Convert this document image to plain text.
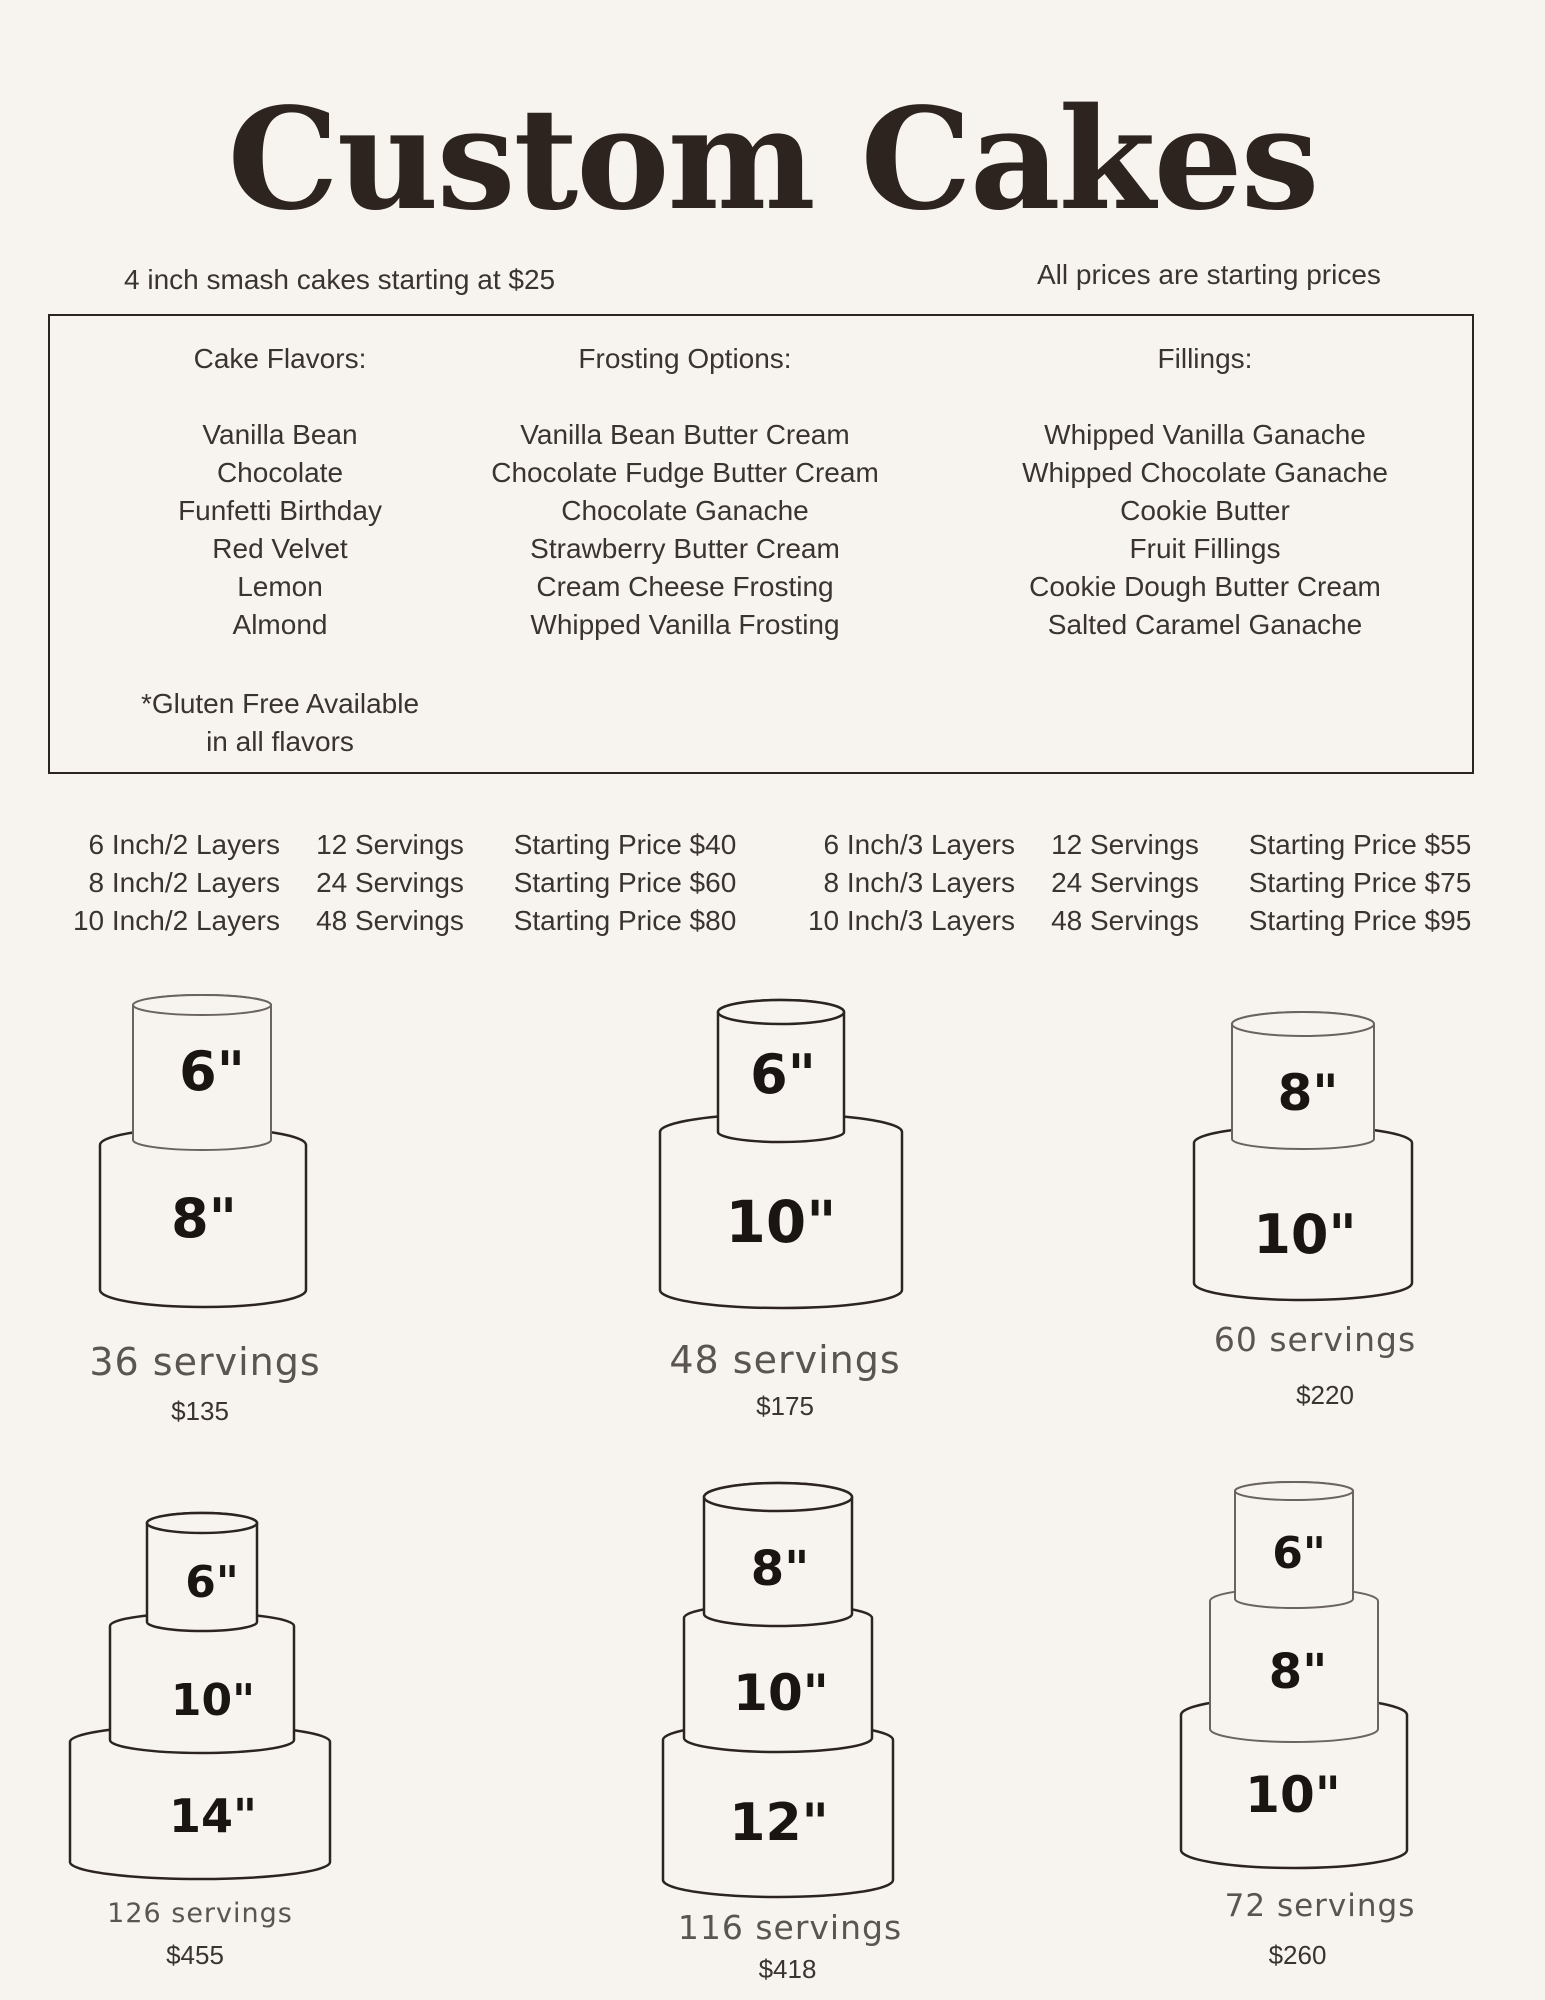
Custom Cakes
4 inch smash cakes starting at $25	All prices are starting prices
Cake Flavors:
Vanilla Bean
Chocolate
Funfetti Birthday
Red Velvet
Lemon
Almond
*Gluten Free Available
in all flavors
Frosting Options:
Vanilla Bean Butter Cream
Chocolate Fudge Butter Cream
Chocolate Ganache
Strawberry Butter Cream
Cream Cheese Frosting
Whipped Vanilla Frosting
Fillings:
Whipped Vanilla Ganache
Whipped Chocolate Ganache
Cookie Butter
Fruit Fillings
Cookie Dough Butter Cream
Salted Caramel Ganache
6 Inch/2 Layers
8 Inch/2 Layers
10 Inch/2 Layers
12 Servings
24 Servings
48 Servings
Starting Price $40
Starting Price $60
Starting Price $80
6 Inch/3 Layers
8 Inch/3 Layers
10 Inch/3 Layers
12 Servings
24 Servings
48 Servings
Starting Price $55
Starting Price $75
Starting Price $95
6"
8"
36 servings
$135
6"
10"
48 servings
$175
8"
10"
60 servings
$220
6"
10"
14"
126 servings
$455
8"
10"
12"
116 servings
$418
6"
8"
10"
72 servings
$260
